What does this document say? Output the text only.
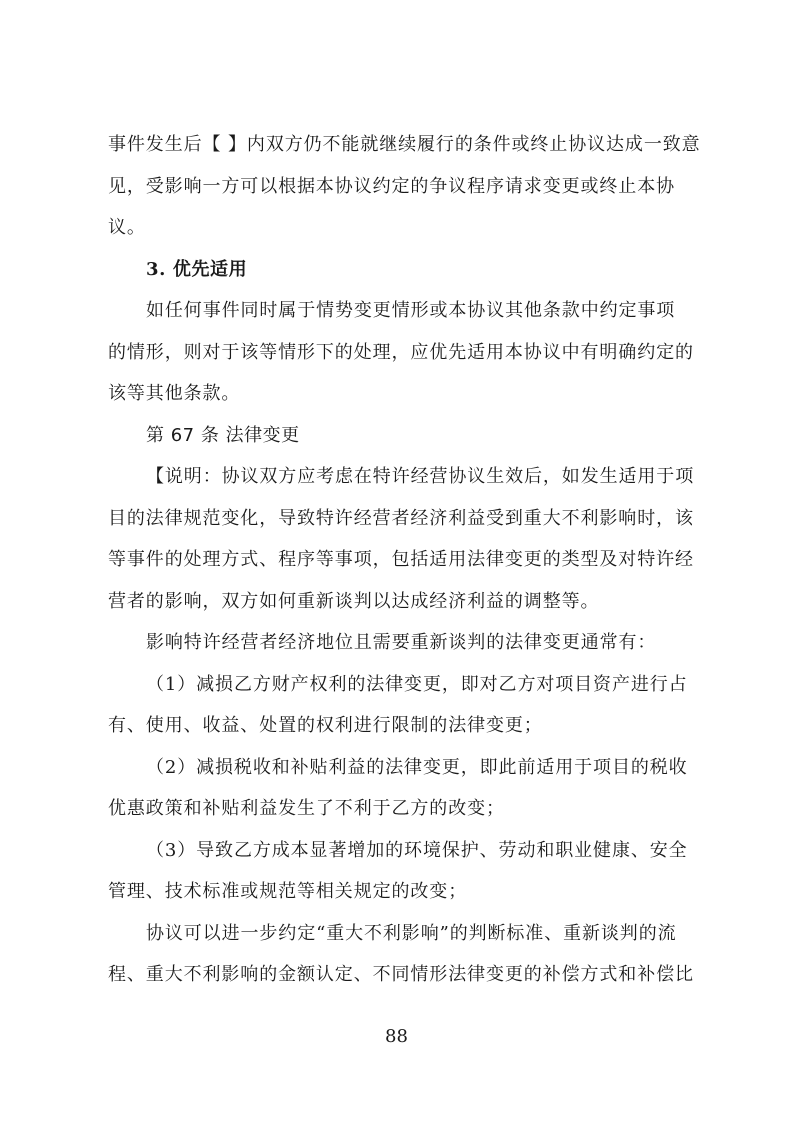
事件发生后【 】内双方仍不能就继续履行的条件或终止协议达成一致意
见，受影响一方可以根据本协议约定的争议程序请求变更或终止本协
议。
3. 优先适用
如任何事件同时属于情势变更情形或本协议其他条款中约定事项
的情形，则对于该等情形下的处理，应优先适用本协议中有明确约定的
该等其他条款。
第 67 条 法律变更
【说明：协议双方应考虑在特许经营协议生效后，如发生适用于项
目的法律规范变化，导致特许经营者经济利益受到重大不利影响时，该
等事件的处理方式、程序等事项，包括适用法律变更的类型及对特许经
营者的影响，双方如何重新谈判以达成经济利益的调整等。
影响特许经营者经济地位且需要重新谈判的法律变更通常有：
（1）减损乙方财产权利的法律变更，即对乙方对项目资产进行占
有、使用、收益、处置的权利进行限制的法律变更；
（2）减损税收和补贴利益的法律变更，即此前适用于项目的税收
优惠政策和补贴利益发生了不利于乙方的改变；
（3）导致乙方成本显著增加的环境保护、劳动和职业健康、安全
管理、技术标准或规范等相关规定的改变；
协议可以进一步约定“重大不利影响”的判断标准、重新谈判的流
程、重大不利影响的金额认定、不同情形法律变更的补偿方式和补偿比
88
